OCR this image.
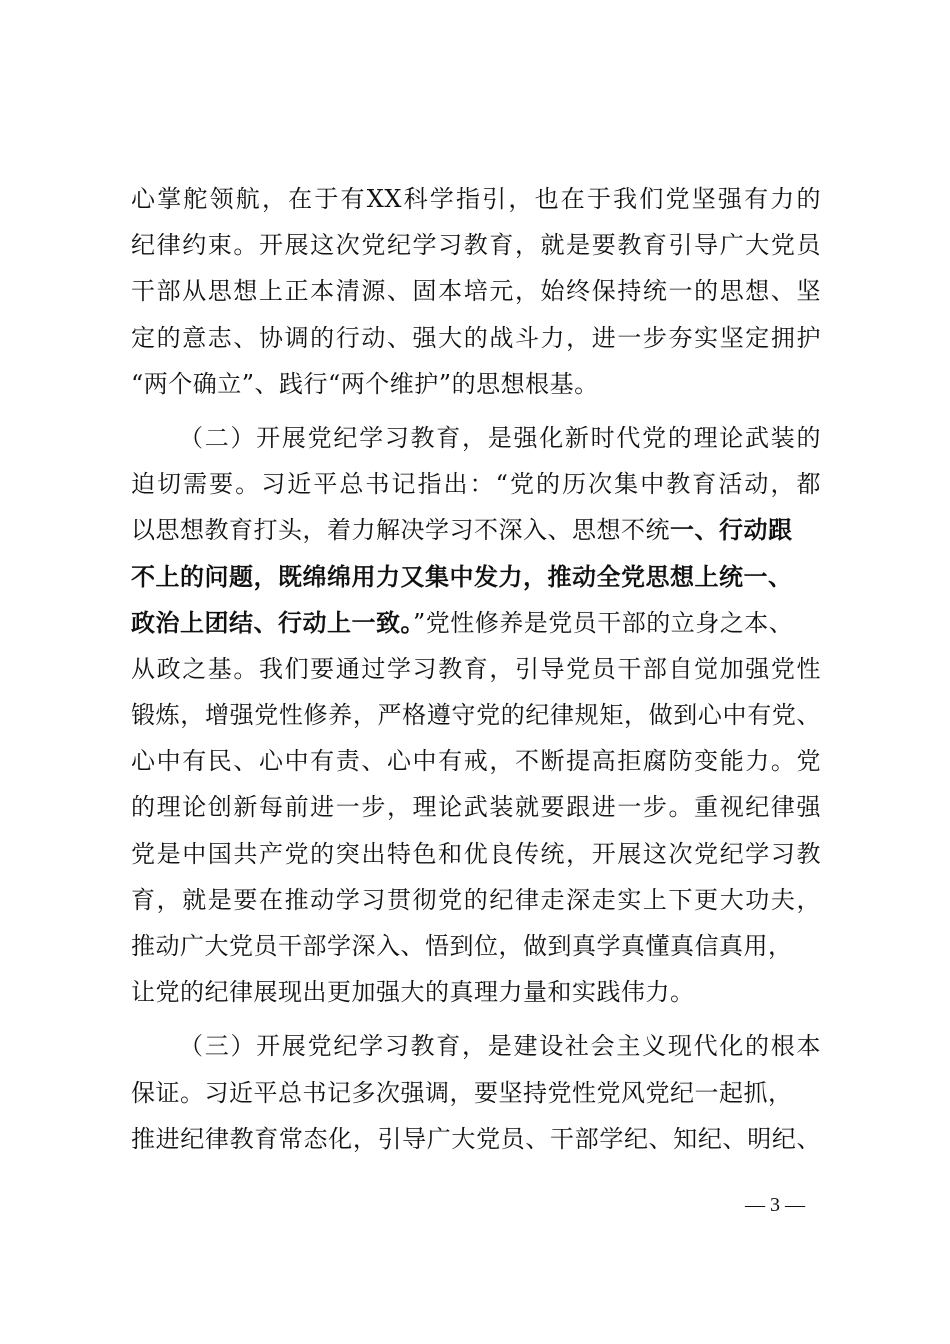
心掌舵领航，在于有XX科学指引，也在于我们党坚强有力的
纪律约束。开展这次党纪学习教育，就是要教育引导广大党员
干部从思想上正本清源、固本培元，始终保持统一的思想、坚
定的意志、协调的行动、强大的战斗力，进一步夯实坚定拥护
“两个确立”、践行“两个维护”的思想根基。
（二）开展党纪学习教育，是强化新时代党的理论武装的
迫切需要。习近平总书记指出：“党的历次集中教育活动，都
以思想教育打头，着力解决学习不深入、思想不统一、行动跟
不上的问题，既绵绵用力又集中发力，推动全党思想上统一、
政治上团结、行动上一致。”党性修养是党员干部的立身之本、
从政之基。我们要通过学习教育，引导党员干部自觉加强党性
锻炼，增强党性修养，严格遵守党的纪律规矩，做到心中有党、
心中有民、心中有责、心中有戒，不断提高拒腐防变能力。党
的理论创新每前进一步，理论武装就要跟进一步。重视纪律强
党是中国共产党的突出特色和优良传统，开展这次党纪学习教
育，就是要在推动学习贯彻党的纪律走深走实上下更大功夫，
推动广大党员干部学深入、悟到位，做到真学真懂真信真用，
让党的纪律展现出更加强大的真理力量和实践伟力。
（三）开展党纪学习教育，是建设社会主义现代化的根本
保证。习近平总书记多次强调，要坚持党性党风党纪一起抓，
推进纪律教育常态化，引导广大党员、干部学纪、知纪、明纪、
— 3 —
